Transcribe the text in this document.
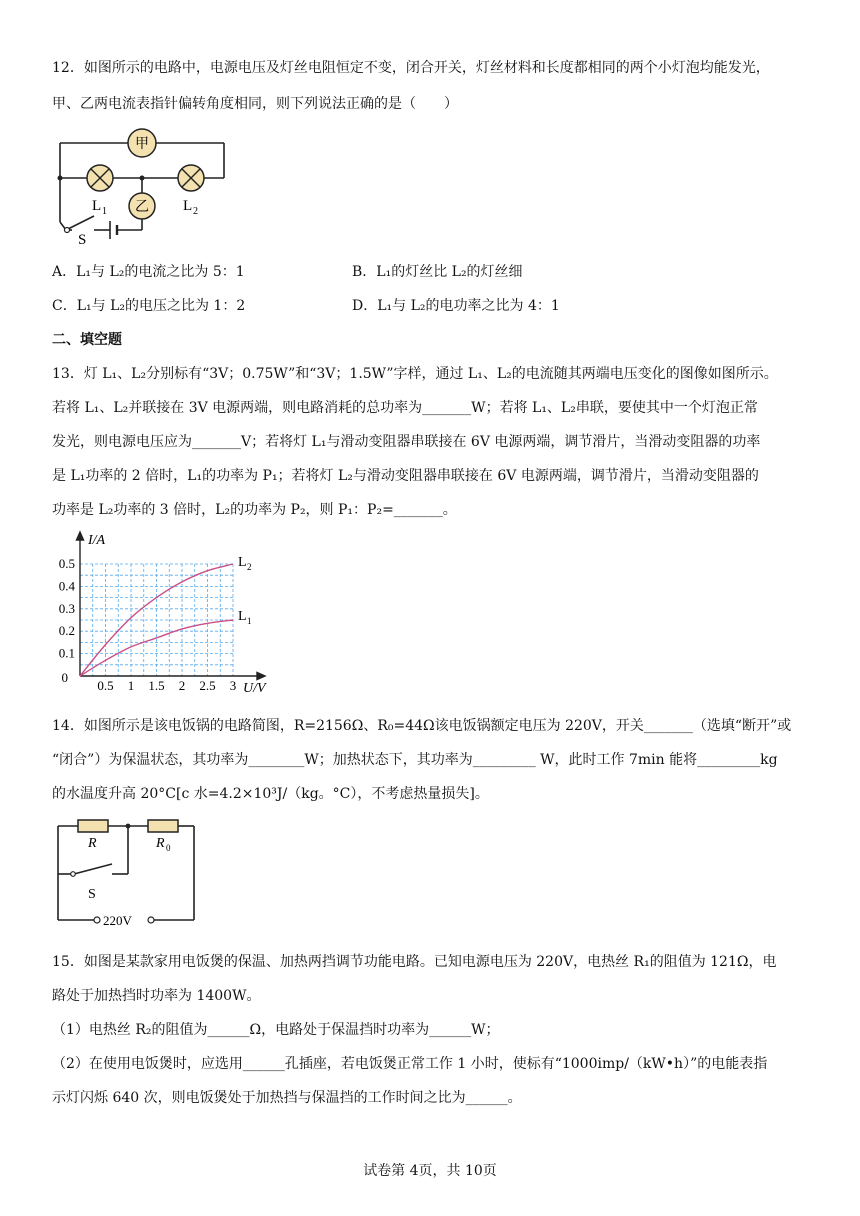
12．如图所示的电路中，电源电压及灯丝电阻恒定不变，闭合开关，灯丝材料和长度都相同的两个小灯泡均能发光，
甲、乙两电流表指针偏转角度相同，则下列说法正确的是（　　）
甲
L 1	L 2
乙
S
A．L₁与 L₂的电流之比为 5：1	B．L₁的灯丝比 L₂的灯丝细
C．L₁与 L₂的电压之比为 1：2	D．L₁与 L₂的电功率之比为 4：1
二、填空题
13．灯 L₁、L₂分别标有“3V；0.75W”和“3V；1.5W”字样，通过 L₁、L₂的电流随其两端电压变化的图像如图所示。
若将 L₁、L₂并联接在 3V 电源两端，则电路消耗的总功率为_______W；若将 L₁、L₂串联，要使其中一个灯泡正常
发光，则电源电压应为_______V；若将灯 L₁与滑动变阻器串联接在 6V 电源两端，调节滑片，当滑动变阻器的功率
是 L₁功率的 2 倍时，L₁的功率为 P₁；若将灯 L₂与滑动变阻器串联接在 6V 电源两端，调节滑片，当滑动变阻器的
功率是 L₂功率的 3 倍时，L₂的功率为 P₂，则 P₁：P₂=_______。
0.5 1 1.5 2 2.5 3
0.1
0.2
0.3
0.4
0.5
0
I/A
U/V
L 2
L 1
14．如图所示是该电饭锅的电路简图，R=2156Ω、R₀=44Ω该电饭锅额定电压为 220V，开关_______（选填“断开”或
“闭合”）为保温状态，其功率为________W；加热状态下，其功率为_________ W，此时工作 7min 能将_________kg
的水温度升高 20°C[c 水=4.2×10³J/（kg。°C），不考虑热量损失]。
R	R 0
S
220V
15．如图是某款家用电饭煲的保温、加热两挡调节功能电路。已知电源电压为 220V，电热丝 R₁的阻值为 121Ω，电
路处于加热挡时功率为 1400W。
（1）电热丝 R₂的阻值为______Ω，电路处于保温挡时功率为______W；
（2）在使用电饭煲时，应选用______孔插座，若电饭煲正常工作 1 小时，使标有“1000imp/（kW•h）”的电能表指
示灯闪烁 640 次，则电饭煲处于加热挡与保温挡的工作时间之比为______。
试卷第 4页，共 10页
